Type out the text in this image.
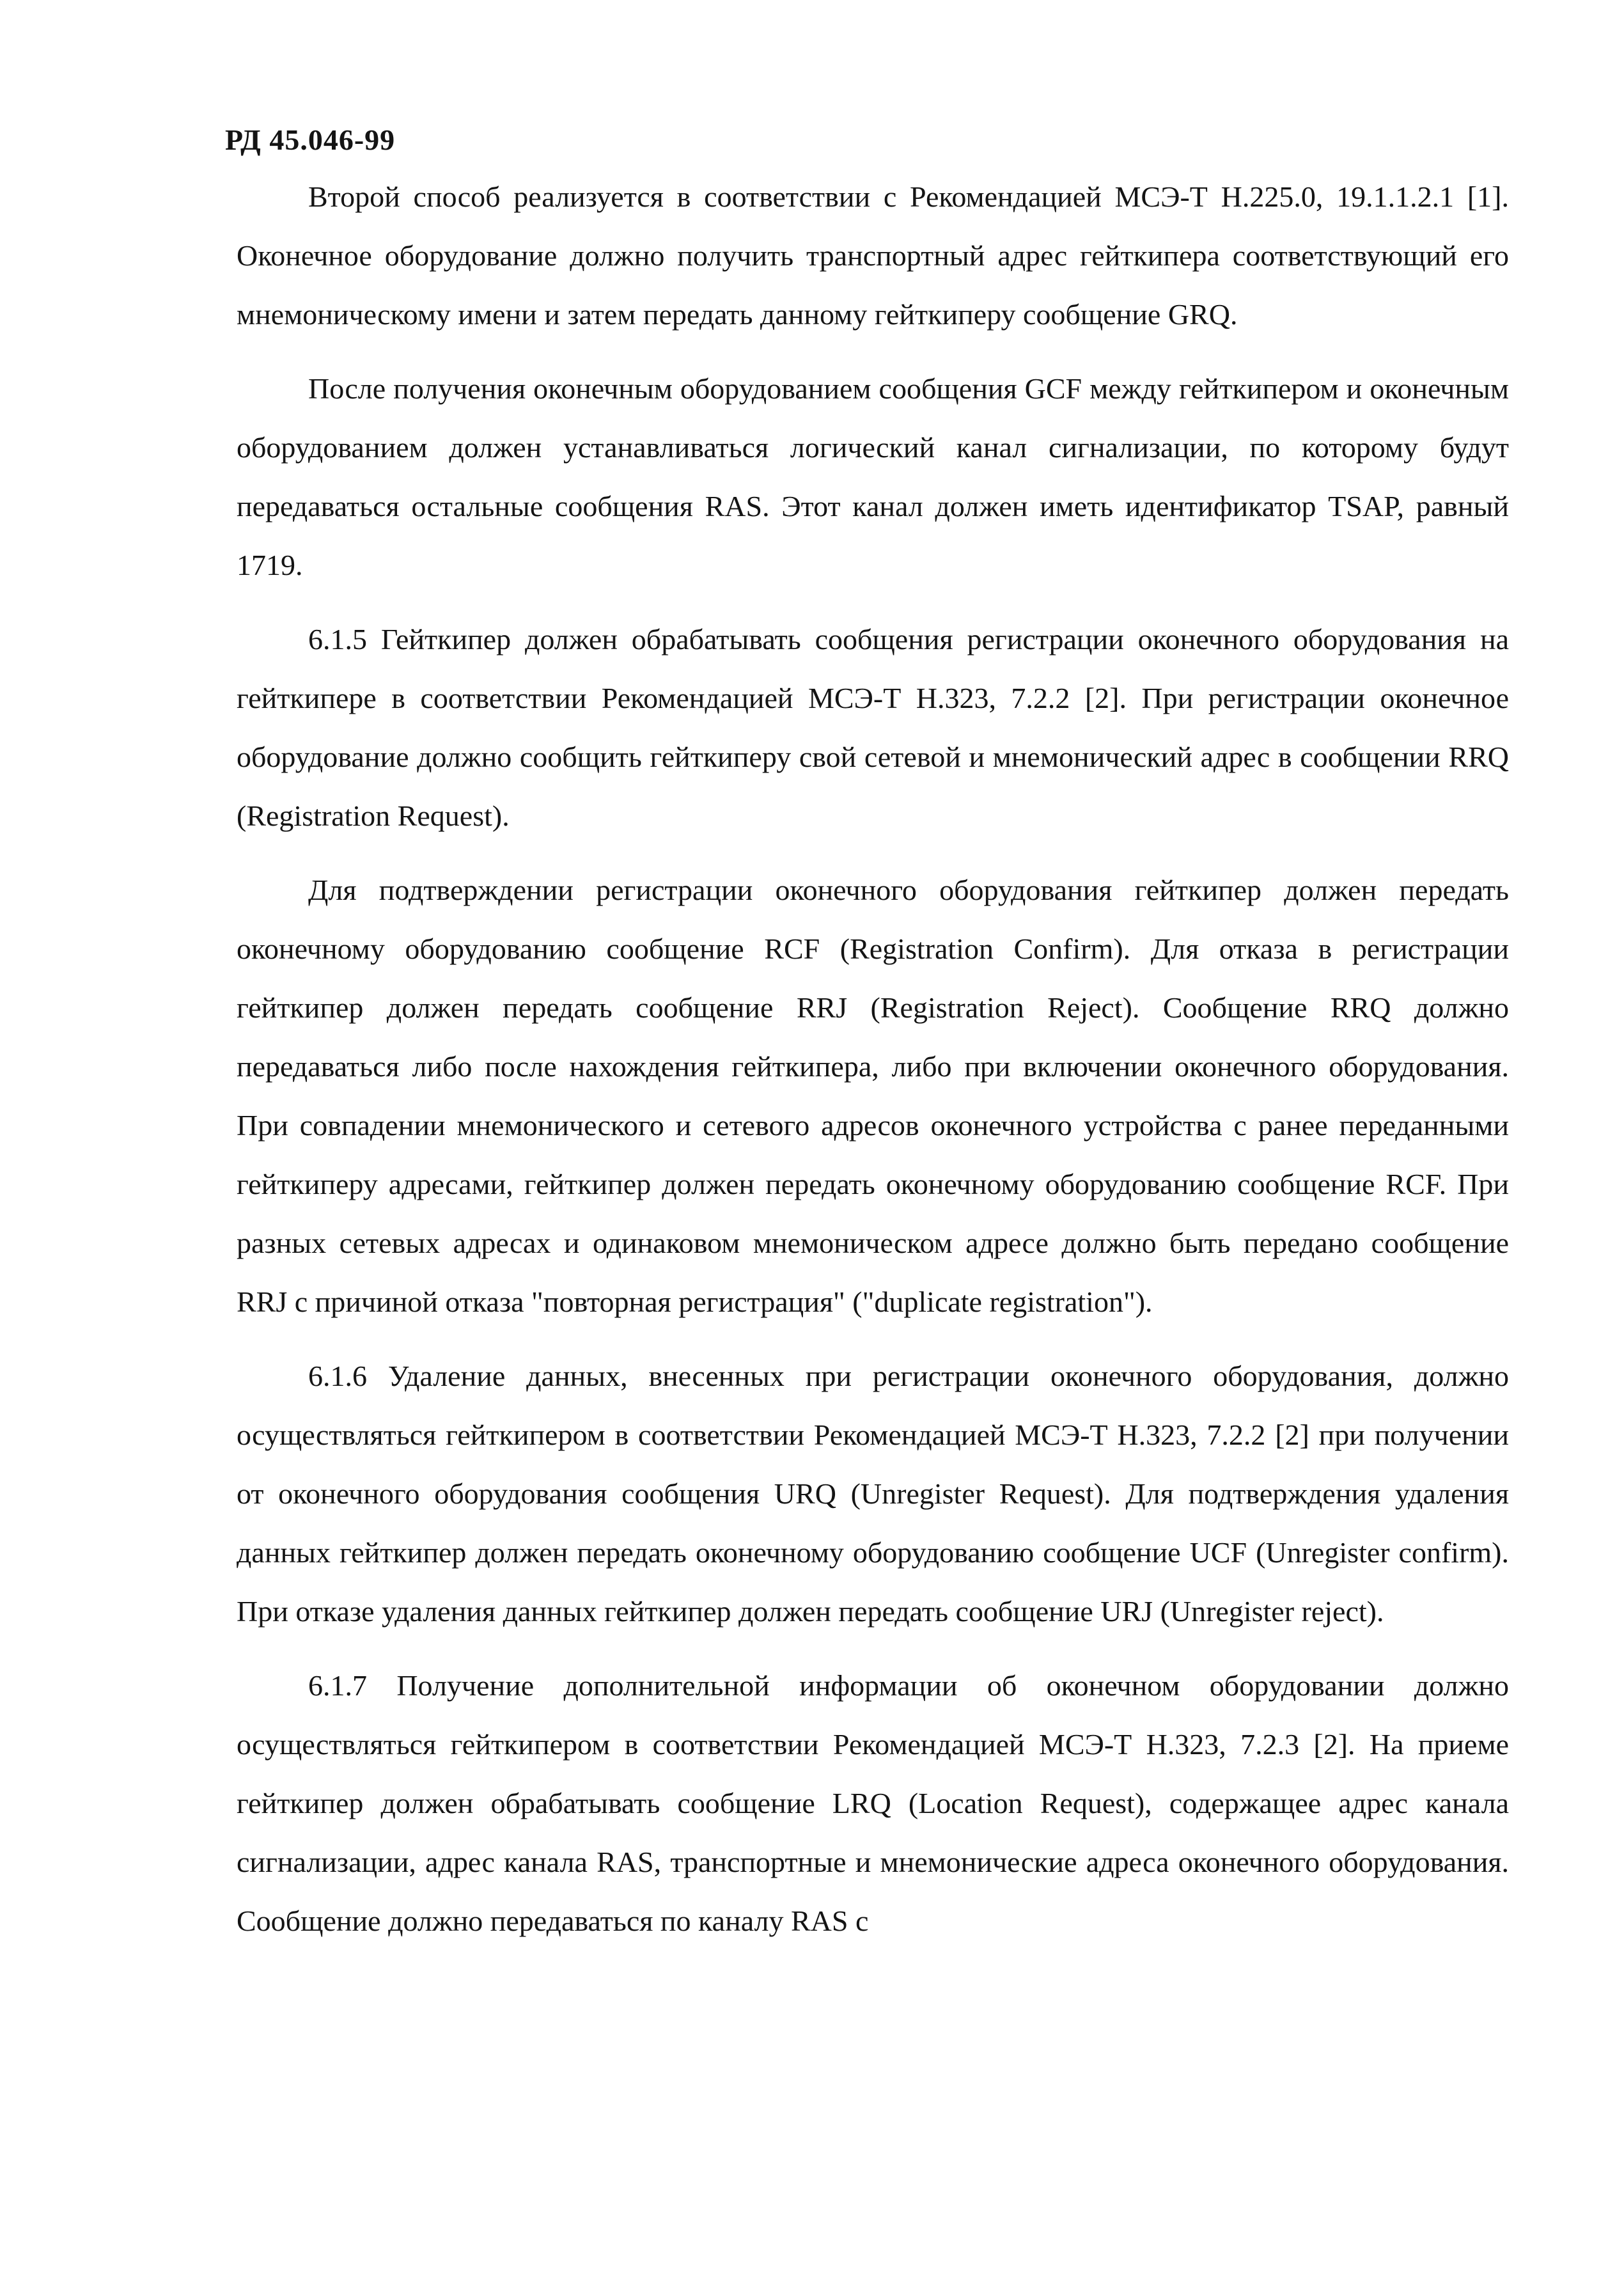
РД 45.046-99

Второй способ реализуется в соответствии с Рекомендацией МСЭ-Т Н.225.0, 19.1.1.2.1 [1]. Оконечное оборудование должно получить транспортный адрес гейткипера соответствующий его мнемоническому имени и затем передать данному гейткиперу сообщение GRQ.

После получения оконечным оборудованием сообщения GCF между гейткипером и оконечным оборудованием должен устанавливаться логический канал сигнализации, по которому будут передаваться остальные сообщения RAS. Этот канал должен иметь идентификатор TSAP, равный 1719.

6.1.5 Гейткипер должен обрабатывать сообщения регистрации оконечного оборудования на гейткипере в соответствии Рекомендацией МСЭ-Т Н.323, 7.2.2 [2]. При регистрации оконечное оборудование должно сообщить гейткиперу свой сетевой и мнемонический адрес в сообщении RRQ (Registration Request).

Для подтверждении регистрации оконечного оборудования гейткипер должен передать оконечному оборудованию сообщение RCF (Registration Confirm). Для отказа в регистрации гейткипер должен передать сообщение RRJ (Registration Reject). Сообщение RRQ должно передаваться либо после нахождения гейткипера, либо при включении оконечного оборудования. При совпадении мнемонического и сетевого адресов оконечного устройства с ранее переданными гейткиперу адресами, гейткипер должен передать оконечному оборудованию сообщение RCF. При разных сетевых адресах и одинаковом мнемоническом адресе должно быть передано сообщение RRJ с причиной отказа "повторная регистрация" ("duplicate registration").

6.1.6 Удаление данных, внесенных при регистрации оконечного оборудования, должно осуществляться гейткипером в соответствии Рекомендацией МСЭ-Т Н.323, 7.2.2 [2] при получении от оконечного оборудования сообщения URQ (Unregister Request). Для подтверждения удаления данных гейткипер должен передать оконечному оборудованию сообщение UCF (Unregister confirm). При отказе удаления данных гейткипер должен передать сообщение URJ (Unregister reject).

6.1.7 Получение дополнительной информации об оконечном оборудовании должно осуществляться гейткипером в соответствии Рекомендацией МСЭ-Т Н.323, 7.2.3 [2]. На приеме гейткипер должен обрабатывать сообщение LRQ (Location Request), содержащее адрес канала сигнализации, адрес канала RAS, транспортные и мнемонические адреса оконечного оборудования. Сообщение должно передаваться по каналу RAS с
